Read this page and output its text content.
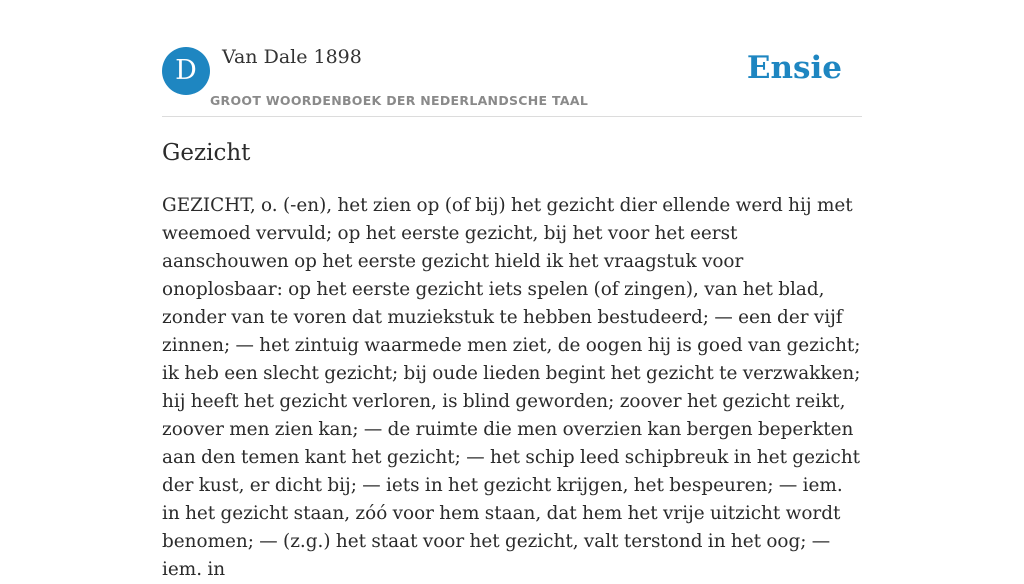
D	Van Dale 1898
GROOT WOORDENBOEK DER NEDERLANDSCHE TAAL
Ensie
Gezicht

GEZICHT, o. (-en), het zien op (of bij) het gezicht dier ellende werd hij met weemoed vervuld; op het eerste gezicht, bij het voor het eerst aanschouwen op het eerste gezicht hield ik het vraagstuk voor onoplosbaar: op het eerste gezicht iets spelen (of zingen), van het blad, zonder van te voren dat muziekstuk te hebben bestudeerd; — een der vijf zinnen; — het zintuig waarmede men ziet, de oogen hij is goed van gezicht; ik heb een slecht gezicht; bij oude lieden begint het gezicht te verzwakken; hij heeft het gezicht verloren, is blind geworden; zoover het gezicht reikt, zoover men zien kan; — de ruimte die men overzien kan bergen beperkten aan den temen kant het gezicht; — het schip leed schipbreuk in het gezicht der kust, er dicht bij; — iets in het gezicht krijgen, het bespeuren; — iem. in het gezicht staan, zóó voor hem staan, dat hem het vrije uitzicht wordt benomen; — (z.g.) het staat voor het gezicht, valt terstond in het oog; — iem. in
